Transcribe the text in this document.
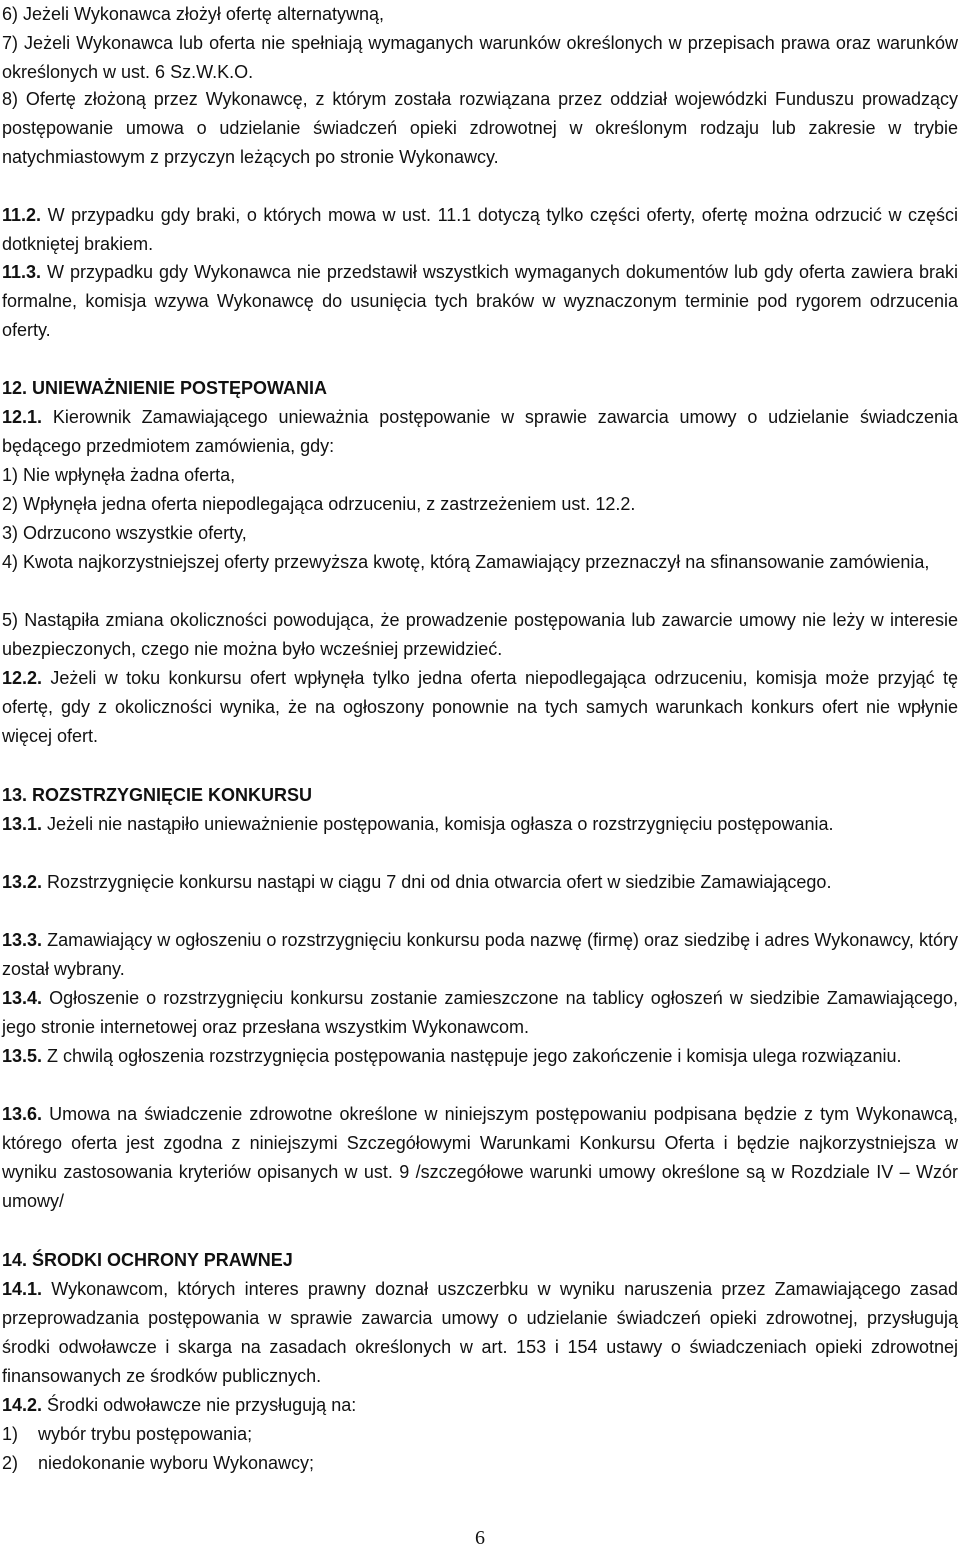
6) Jeżeli Wykonawca złożył ofertę alternatywną,

7) Jeżeli Wykonawca lub oferta nie spełniają wymaganych warunków określonych w przepisach prawa oraz warunków określonych w ust. 6 Sz.W.K.O.

8) Ofertę złożoną przez Wykonawcę, z którym została rozwiązana przez oddział wojewódzki Funduszu prowadzący postępowanie umowa o udzielanie świadczeń opieki zdrowotnej w określonym rodzaju lub zakresie w trybie natychmiastowym z przyczyn leżących po stronie Wykonawcy.

11.2. W przypadku gdy braki, o których mowa w ust. 11.1 dotyczą tylko części oferty, ofertę można odrzucić w części dotkniętej brakiem.

11.3. W przypadku gdy Wykonawca nie przedstawił wszystkich wymaganych dokumentów lub gdy oferta zawiera braki formalne, komisja wzywa Wykonawcę do usunięcia tych braków w wyznaczonym terminie pod rygorem odrzucenia oferty.

12. UNIEWAŻNIENIE POSTĘPOWANIA

12.1. Kierownik Zamawiającego unieważnia postępowanie w sprawie zawarcia umowy o udzielanie świadczenia będącego przedmiotem zamówienia, gdy:

1) Nie wpłynęła żadna oferta,

2) Wpłynęła jedna oferta niepodlegająca odrzuceniu, z zastrzeżeniem ust. 12.2.

3) Odrzucono wszystkie oferty,

4) Kwota najkorzystniejszej oferty przewyższa kwotę, którą Zamawiający przeznaczył na sfinansowanie zamówienia,

5) Nastąpiła zmiana okoliczności powodująca, że prowadzenie postępowania lub zawarcie umowy nie leży w interesie ubezpieczonych, czego nie można było wcześniej przewidzieć.

12.2. Jeżeli w toku konkursu ofert wpłynęła tylko jedna oferta niepodlegająca odrzuceniu, komisja może przyjąć tę ofertę, gdy z okoliczności wynika, że na ogłoszony ponownie na tych samych warunkach konkurs ofert nie wpłynie więcej ofert.

13. ROZSTRZYGNIĘCIE KONKURSU

13.1. Jeżeli nie nastąpiło unieważnienie postępowania, komisja ogłasza o rozstrzygnięciu postępowania.

13.2. Rozstrzygnięcie konkursu nastąpi w ciągu 7 dni od dnia otwarcia ofert w siedzibie Zamawiającego.

13.3. Zamawiający w ogłoszeniu o rozstrzygnięciu konkursu poda nazwę (firmę) oraz siedzibę i adres Wykonawcy, który został wybrany.

13.4. Ogłoszenie o rozstrzygnięciu konkursu zostanie zamieszczone na tablicy ogłoszeń w siedzibie Zamawiającego, jego stronie internetowej oraz przesłana wszystkim Wykonawcom.

13.5. Z chwilą ogłoszenia rozstrzygnięcia postępowania następuje jego zakończenie i komisja ulega rozwiązaniu.

13.6. Umowa na świadczenie zdrowotne określone w niniejszym postępowaniu podpisana będzie z tym Wykonawcą, którego oferta jest zgodna z niniejszymi Szczegółowymi Warunkami Konkursu Oferta i będzie najkorzystniejsza w wyniku zastosowania kryteriów opisanych w ust. 9 /szczegółowe warunki umowy określone są w Rozdziale IV – Wzór umowy/

14. ŚRODKI OCHRONY PRAWNEJ

14.1. Wykonawcom, których interes prawny doznał uszczerbku w wyniku naruszenia przez Zamawiającego zasad przeprowadzania postępowania w sprawie zawarcia umowy o udzielanie świadczeń opieki zdrowotnej, przysługują środki odwoławcze i skarga na zasadach określonych w art. 153 i 154 ustawy o świadczeniach opieki zdrowotnej finansowanych ze środków publicznych.

14.2. Środki odwoławcze nie przysługują na:

1)    wybór trybu postępowania;

2)    niedokonanie wyboru Wykonawcy;

6
